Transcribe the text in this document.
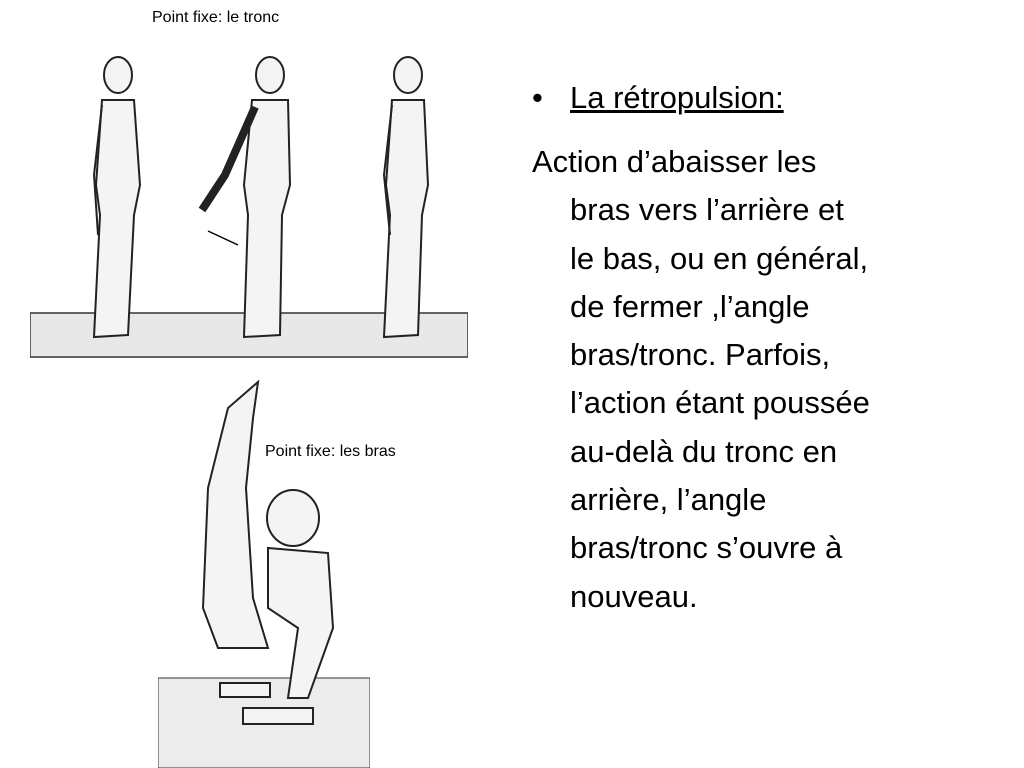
Point fixe: le tronc
Point fixe: les bras
• La rétropulsion:
Action d’abaisser les
bras vers l’arrière et
le bas, ou en général,
de fermer ,l’angle
bras/tronc. Parfois,
l’action étant poussée
au-delà du tronc en
arrière, l’angle
bras/tronc s’ouvre à
nouveau.
